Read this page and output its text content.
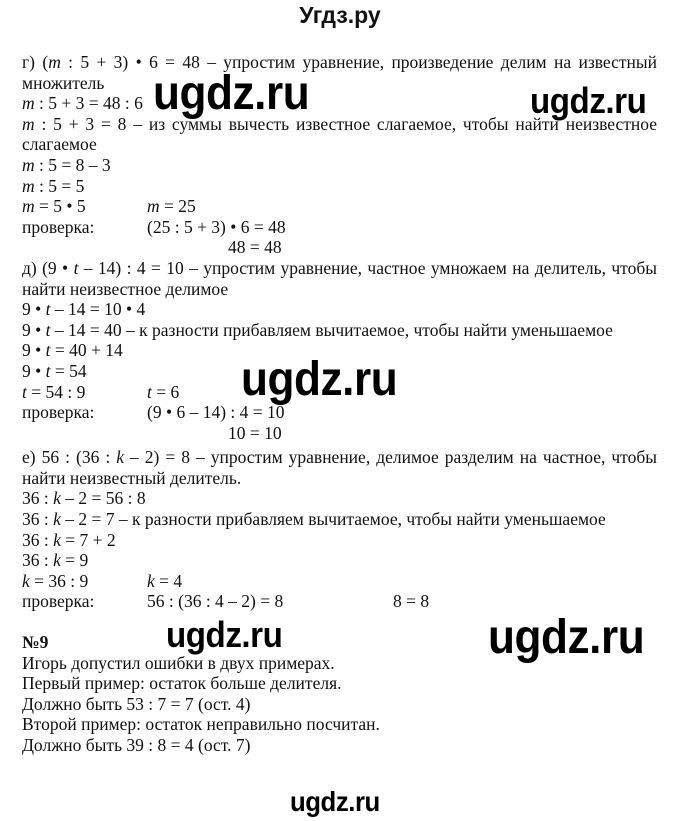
Угдз.ру
г) (m : 5 + 3) • 6 = 48 – упростим уравнение, произведение делим на известный
множитель
m : 5 + 3 = 48 : 6
m : 5 + 3 = 8 – из суммы вычесть известное слагаемое, чтобы найти неизвестное
слагаемое
m : 5 = 8 – 3
m : 5 = 5
m = 5 • 5	m = 25
проверка:	(25 : 5 + 3) • 6 = 48
48 = 48
д) (9 • t – 14) : 4 = 10 – упростим уравнение, частное умножаем на делитель, чтобы
найти неизвестное делимое
9 • t – 14 = 10 • 4
9 • t – 14 = 40 – к разности прибавляем вычитаемое, чтобы найти уменьшаемое
9 • t = 40 + 14
9 • t = 54
t = 54 : 9	t = 6
проверка:	(9 • 6 – 14) : 4 = 10
10 = 10
е) 56 : (36 : k – 2) = 8 – упростим уравнение, делимое разделим на частное, чтобы
найти неизвестный делитель.
36 : k – 2 = 56 : 8
36 : k – 2 = 7 – к разности прибавляем вычитаемое, чтобы найти уменьшаемое
36 : k = 7 + 2
36 : k = 9
k = 36 : 9	k = 4
проверка:	56 : (36 : 4 – 2) = 8	8 = 8
№9
Игорь допустил ошибки в двух примерах.
Первый пример: остаток больше делителя.
Должно быть 53 : 7 = 7 (ост. 4)
Второй пример: остаток неправильно посчитан.
Должно быть 39 : 8 = 4 (ост. 7)
ugdz.ru	ugdz.ru
ugdz.ru
ugdz.ru	ugdz.ru
ugdz.ru
